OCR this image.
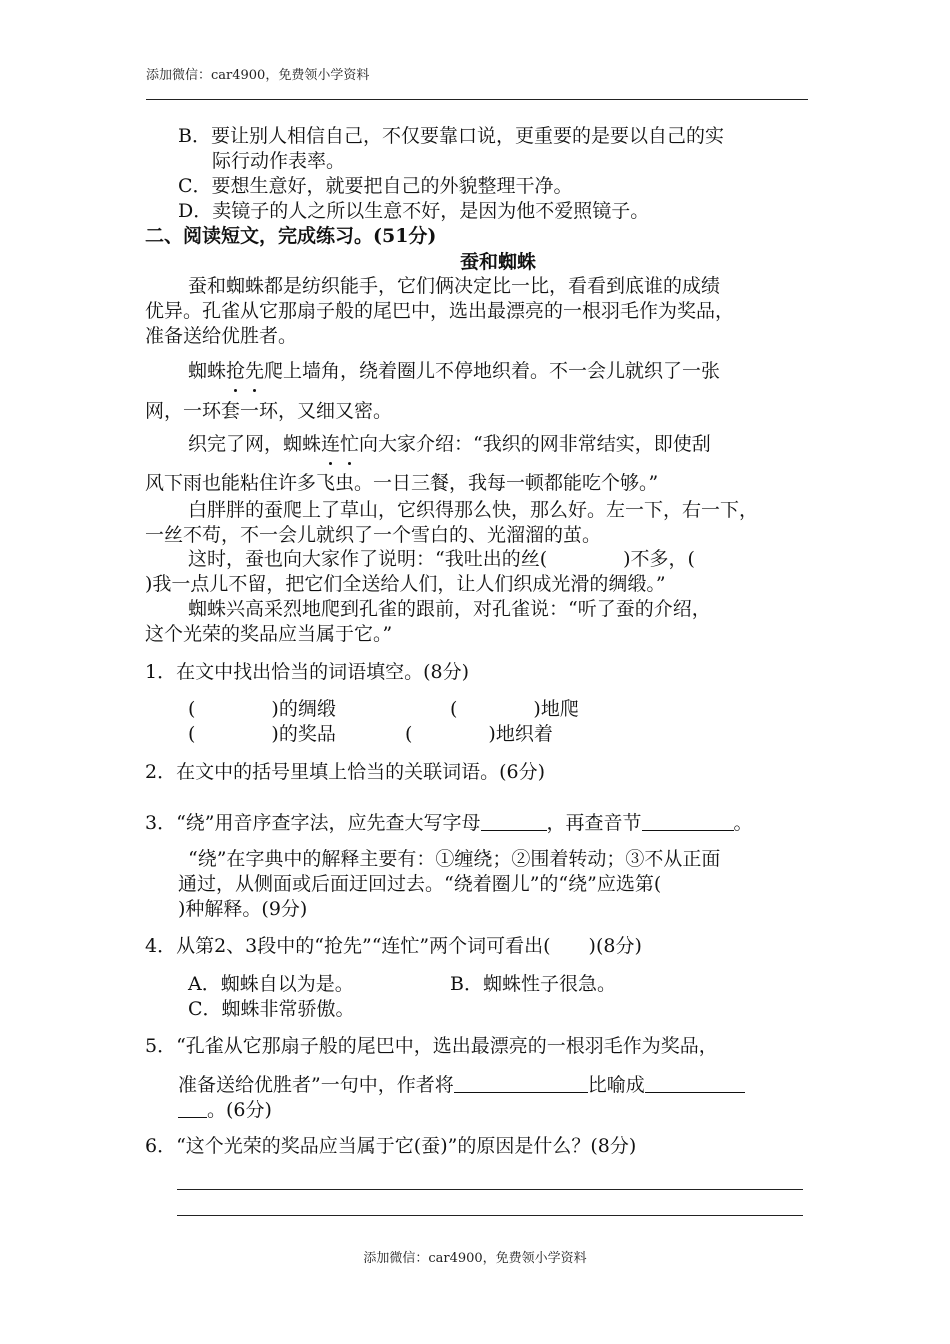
添加微信：car4900，免费领小学资料
B．要让别人相信自己，不仅要靠口说，更重要的是要以自己的实
际行动作表率。
C．要想生意好，就要把自己的外貌整理干净。
D．卖镜子的人之所以生意不好，是因为他不爱照镜子。
二、阅读短文，完成练习。(51分)
蚕和蜘蛛
蚕和蜘蛛都是纺织能手，它们俩决定比一比，看看到底谁的成绩
优异。孔雀从它那扇子般的尾巴中，选出最漂亮的一根羽毛作为奖品，
准备送给优胜者。
蜘蛛抢先爬上墙角，绕着圈儿不停地织着。不一会儿就织了一张
网，一环套一环，又细又密。
织完了网，蜘蛛连忙向大家介绍：“我织的网非常结实，即使刮
风下雨也能粘住许多飞虫。一日三餐，我每一顿都能吃个够。”
白胖胖的蚕爬上了草山，它织得那么快，那么好。左一下，右一下，
一丝不苟，不一会儿就织了一个雪白的、光溜溜的茧。
这时，蚕也向大家作了说明：“我吐出的丝(　　　　)不多，(
)我一点儿不留，把它们全送给人们，让人们织成光滑的绸缎。”
蜘蛛兴高采烈地爬到孔雀的跟前，对孔雀说：“听了蚕的介绍，
这个光荣的奖品应当属于它。”
1．在文中找出恰当的词语填空。(8分)
(　　　　)的绸缎	(　　　　)地爬
(　　　　)的奖品	(　　　　)地织着
2．在文中的括号里填上恰当的关联词语。(6分)
3．“绕”用音序查字法，应先查大写字母	，再查音节	。
“绕”在字典中的解释主要有：①缠绕；②围着转动；③不从正面
通过，从侧面或后面迂回过去。“绕着圈儿”的“绕”应选第(
)种解释。(9分)
4．从第2、3段中的“抢先”“连忙”两个词可看出(　　)(8分)
A．蜘蛛自以为是。	B．蜘蛛性子很急。
C．蜘蛛非常骄傲。
5．“孔雀从它那扇子般的尾巴中，选出最漂亮的一根羽毛作为奖品，
准备送给优胜者”一句中，作者将	比喻成
。(6分)
6．“这个光荣的奖品应当属于它(蚕)”的原因是什么？(8分)
添加微信：car4900，免费领小学资料
